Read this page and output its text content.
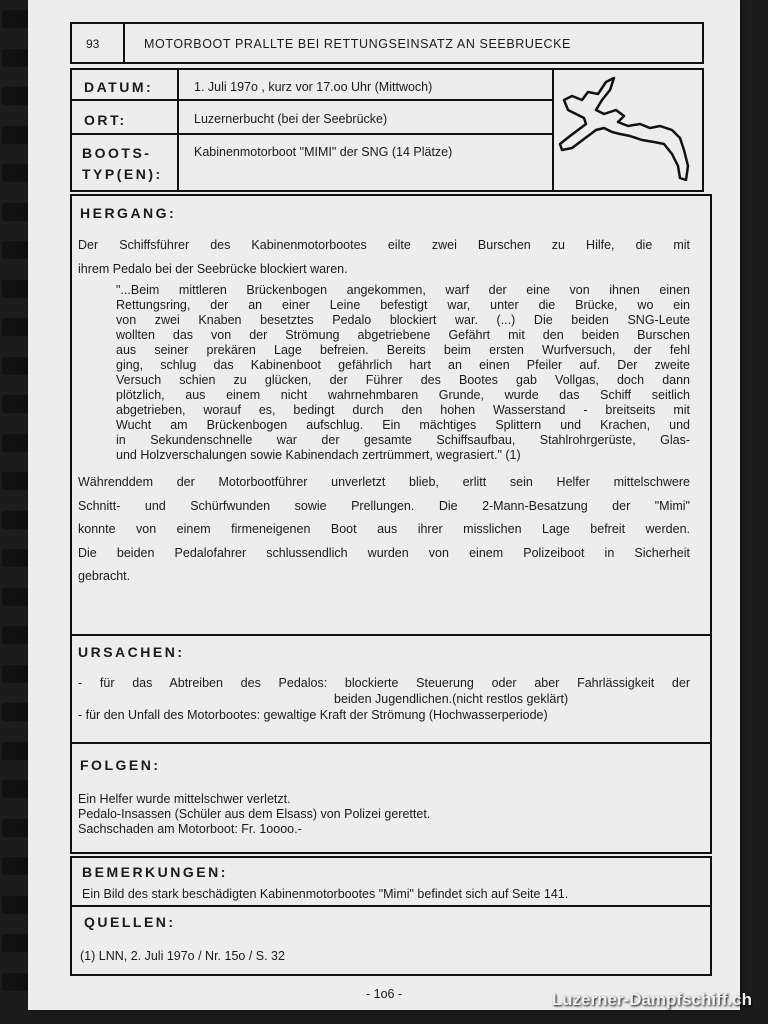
93	MOTORBOOT PRALLTE BEI RETTUNGSEINSATZ AN SEEBRUECKE
DATUM:	1. Juli 197o , kurz vor 17.oo Uhr (Mittwoch)
ORT:	Luzernerbucht (bei der Seebrücke)
BOOTS-
TYP(EN):
Kabinenmotorboot "MIMI" der SNG (14 Plätze)
HERGANG:

Der Schiffsführer des Kabinenmotorbootes eilte zwei Burschen zu Hilfe, die mit

ihrem Pedalo bei der Seebrücke blockiert waren.

"...Beim mittleren Brückenbogen angekommen, warf der eine von ihnen einen

Rettungsring, der an einer Leine befestigt war, unter die Brücke, wo ein

von zwei Knaben besetztes Pedalo blockiert war. (...) Die beiden SNG-Leute

wollten das von der Strömung abgetriebene Gefährt mit den beiden Burschen

aus seiner prekären Lage befreien. Bereits beim ersten Wurfversuch, der fehl

ging, schlug das Kabinenboot gefährlich hart an einen Pfeiler auf. Der zweite

Versuch schien zu glücken, der Führer des Bootes gab Vollgas, doch dann

plötzlich, aus einem nicht wahrnehmbaren Grunde, wurde das Schiff seitlich

abgetrieben, worauf es, bedingt durch den hohen Wasserstand - breitseits mit

Wucht am Brückenbogen aufschlug. Ein mächtiges Splittern und Krachen, und

in Sekundenschnelle war der gesamte Schiffsaufbau, Stahlrohrgerüste, Glas-

und Holzverschalungen sowie Kabinendach zertrümmert, wegrasiert." (1)

Währenddem der Motorbootführer unverletzt blieb, erlitt sein Helfer mittelschwere

Schnitt- und Schürfwunden sowie Prellungen. Die 2-Mann-Besatzung der "Mimi"

konnte von einem firmeneigenen Boot aus ihrer misslichen Lage befreit werden.

Die beiden Pedalofahrer schlussendlich wurden von einem Polizeiboot in Sicherheit

gebracht.

URSACHEN:
- für das Abtreiben des Pedalos: blockierte Steuerung oder aber Fahrlässigkeit der
beiden Jugendlichen.(nicht restlos geklärt)
- für den Unfall des Motorbootes: gewaltige Kraft der Strömung (Hochwasserperiode)
FOLGEN:
Ein Helfer wurde mittelschwer verletzt.
Pedalo-Insassen (Schüler aus dem Elsass) von Polizei gerettet.
Sachschaden am Motorboot: Fr. 1oooo.-
BEMERKUNGEN:
Ein Bild des stark beschädigten Kabinenmotorbootes "Mimi" befindet sich auf Seite 141.
QUELLEN:
(1) LNN, 2. Juli 197o / Nr. 15o / S. 32
- 1o6 -	Luzerner-Dampfschiff.ch
